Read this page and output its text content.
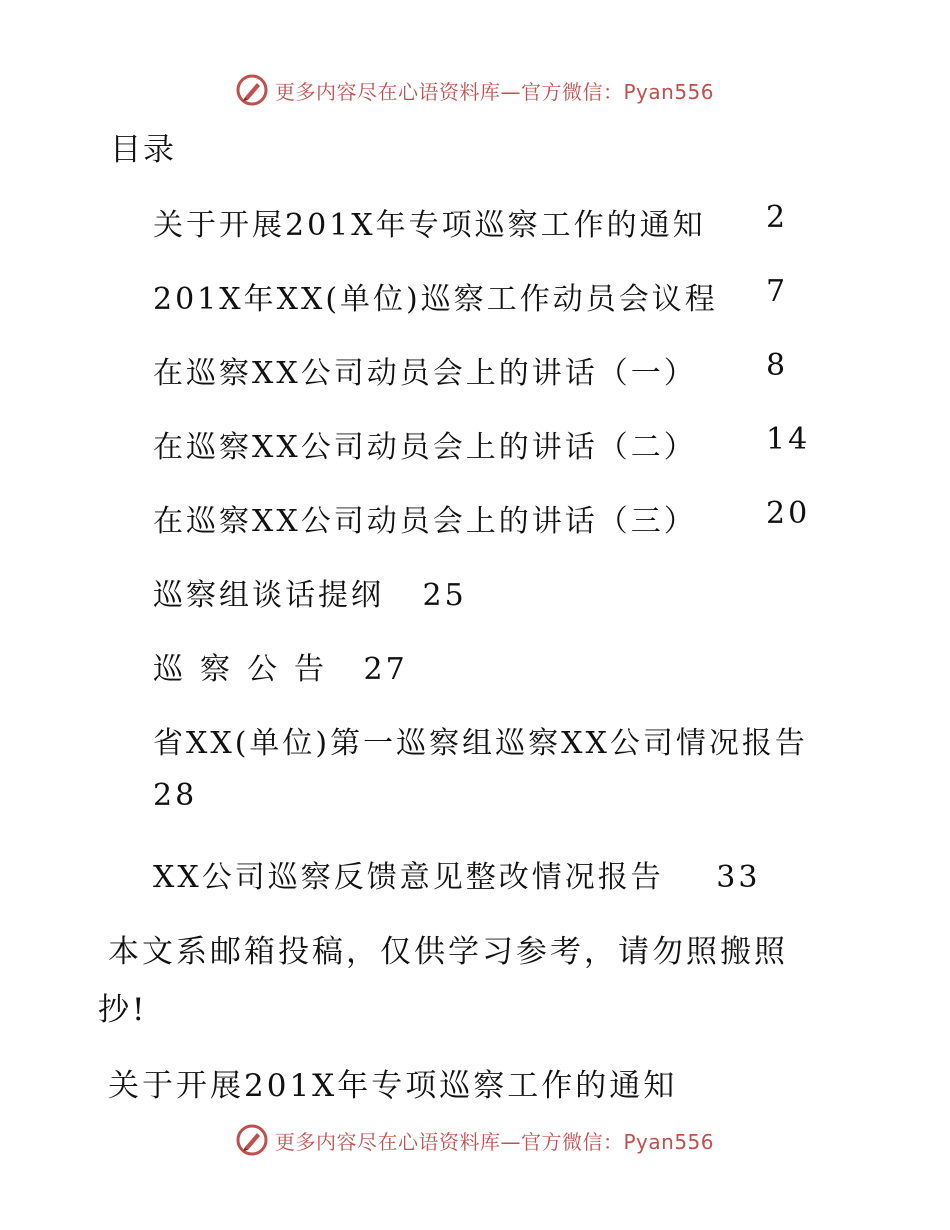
更多内容尽在心语资料库—官方微信：Pyan556
目录
关于开展201X年专项巡察工作的通知 2
201X年XX(单位)巡察工作动员会议程 7
在巡察XX公司动员会上的讲话（一） 8
在巡察XX公司动员会上的讲话（二） 14
在巡察XX公司动员会上的讲话（三） 20
巡察组谈话提纲 25
巡察公告 27
省XX(单位)第一巡察组巡察XX公司情况报告
28
XX公司巡察反馈意见整改情况报告 33
本文系邮箱投稿，仅供学习参考，请勿照搬照
抄!
关于开展201X年专项巡察工作的通知
更多内容尽在心语资料库—官方微信：Pyan556
